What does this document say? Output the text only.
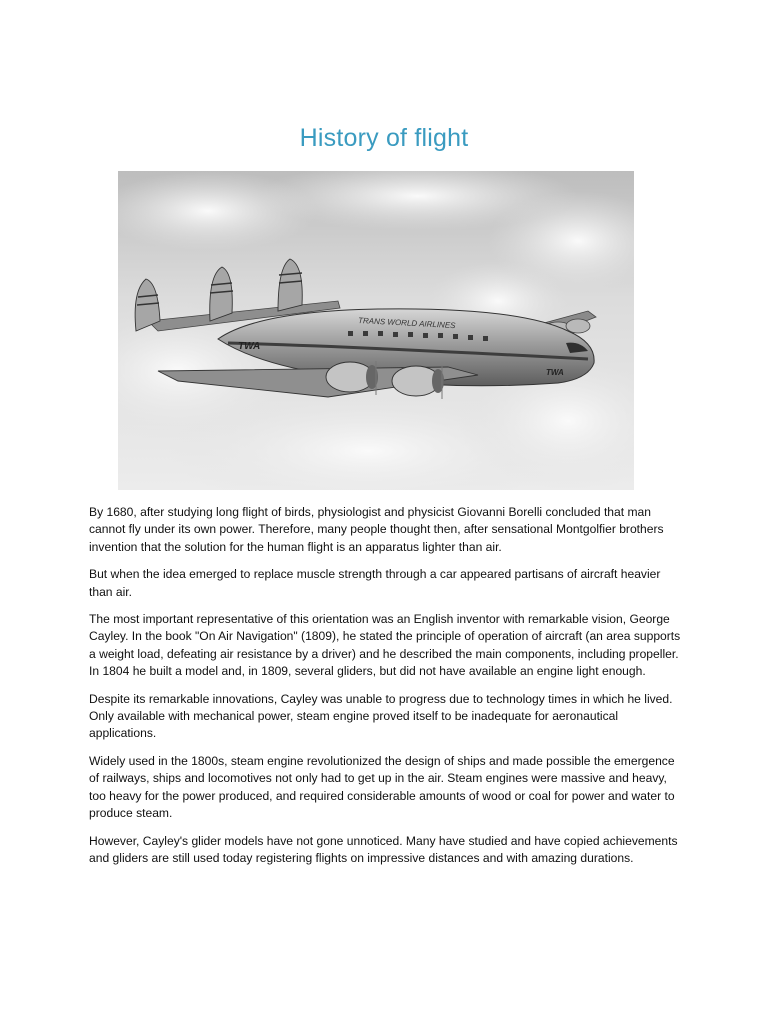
History of flight
TRANS WORLD AIRLINES
TWA
TWA

By 1680, after studying long flight of birds, physiologist and physicist Giovanni Borelli concluded that man cannot fly under its own power. Therefore, many people thought then, after sensational Montgolfier brothers invention that the solution for the human flight is an apparatus lighter than air.

But when the idea emerged to replace muscle strength through a car appeared partisans of aircraft heavier than air.

The most important representative of this orientation was an English inventor with remarkable vision, George Cayley. In the book "On Air Navigation" (1809), he stated the principle of operation of aircraft (an area supports a weight load, defeating air resistance by a driver) and he described the main components, including propeller. In 1804 he built a model and, in 1809, several gliders, but did not have available an engine light enough.

Despite its remarkable innovations, Cayley was unable to progress due to technology times in which he lived. Only available with mechanical power, steam engine proved itself to be inadequate for aeronautical applications.

Widely used in the 1800s, steam engine revolutionized the design of ships and made possible the emergence of railways, ships and locomotives not only had to get up in the air. Steam engines were massive and heavy, too heavy for the power produced, and required considerable amounts of wood or coal for power and water to produce steam.

However, Cayley's glider models have not gone unnoticed. Many have studied and have copied achievements and gliders are still used today registering flights on impressive distances and with amazing durations.
